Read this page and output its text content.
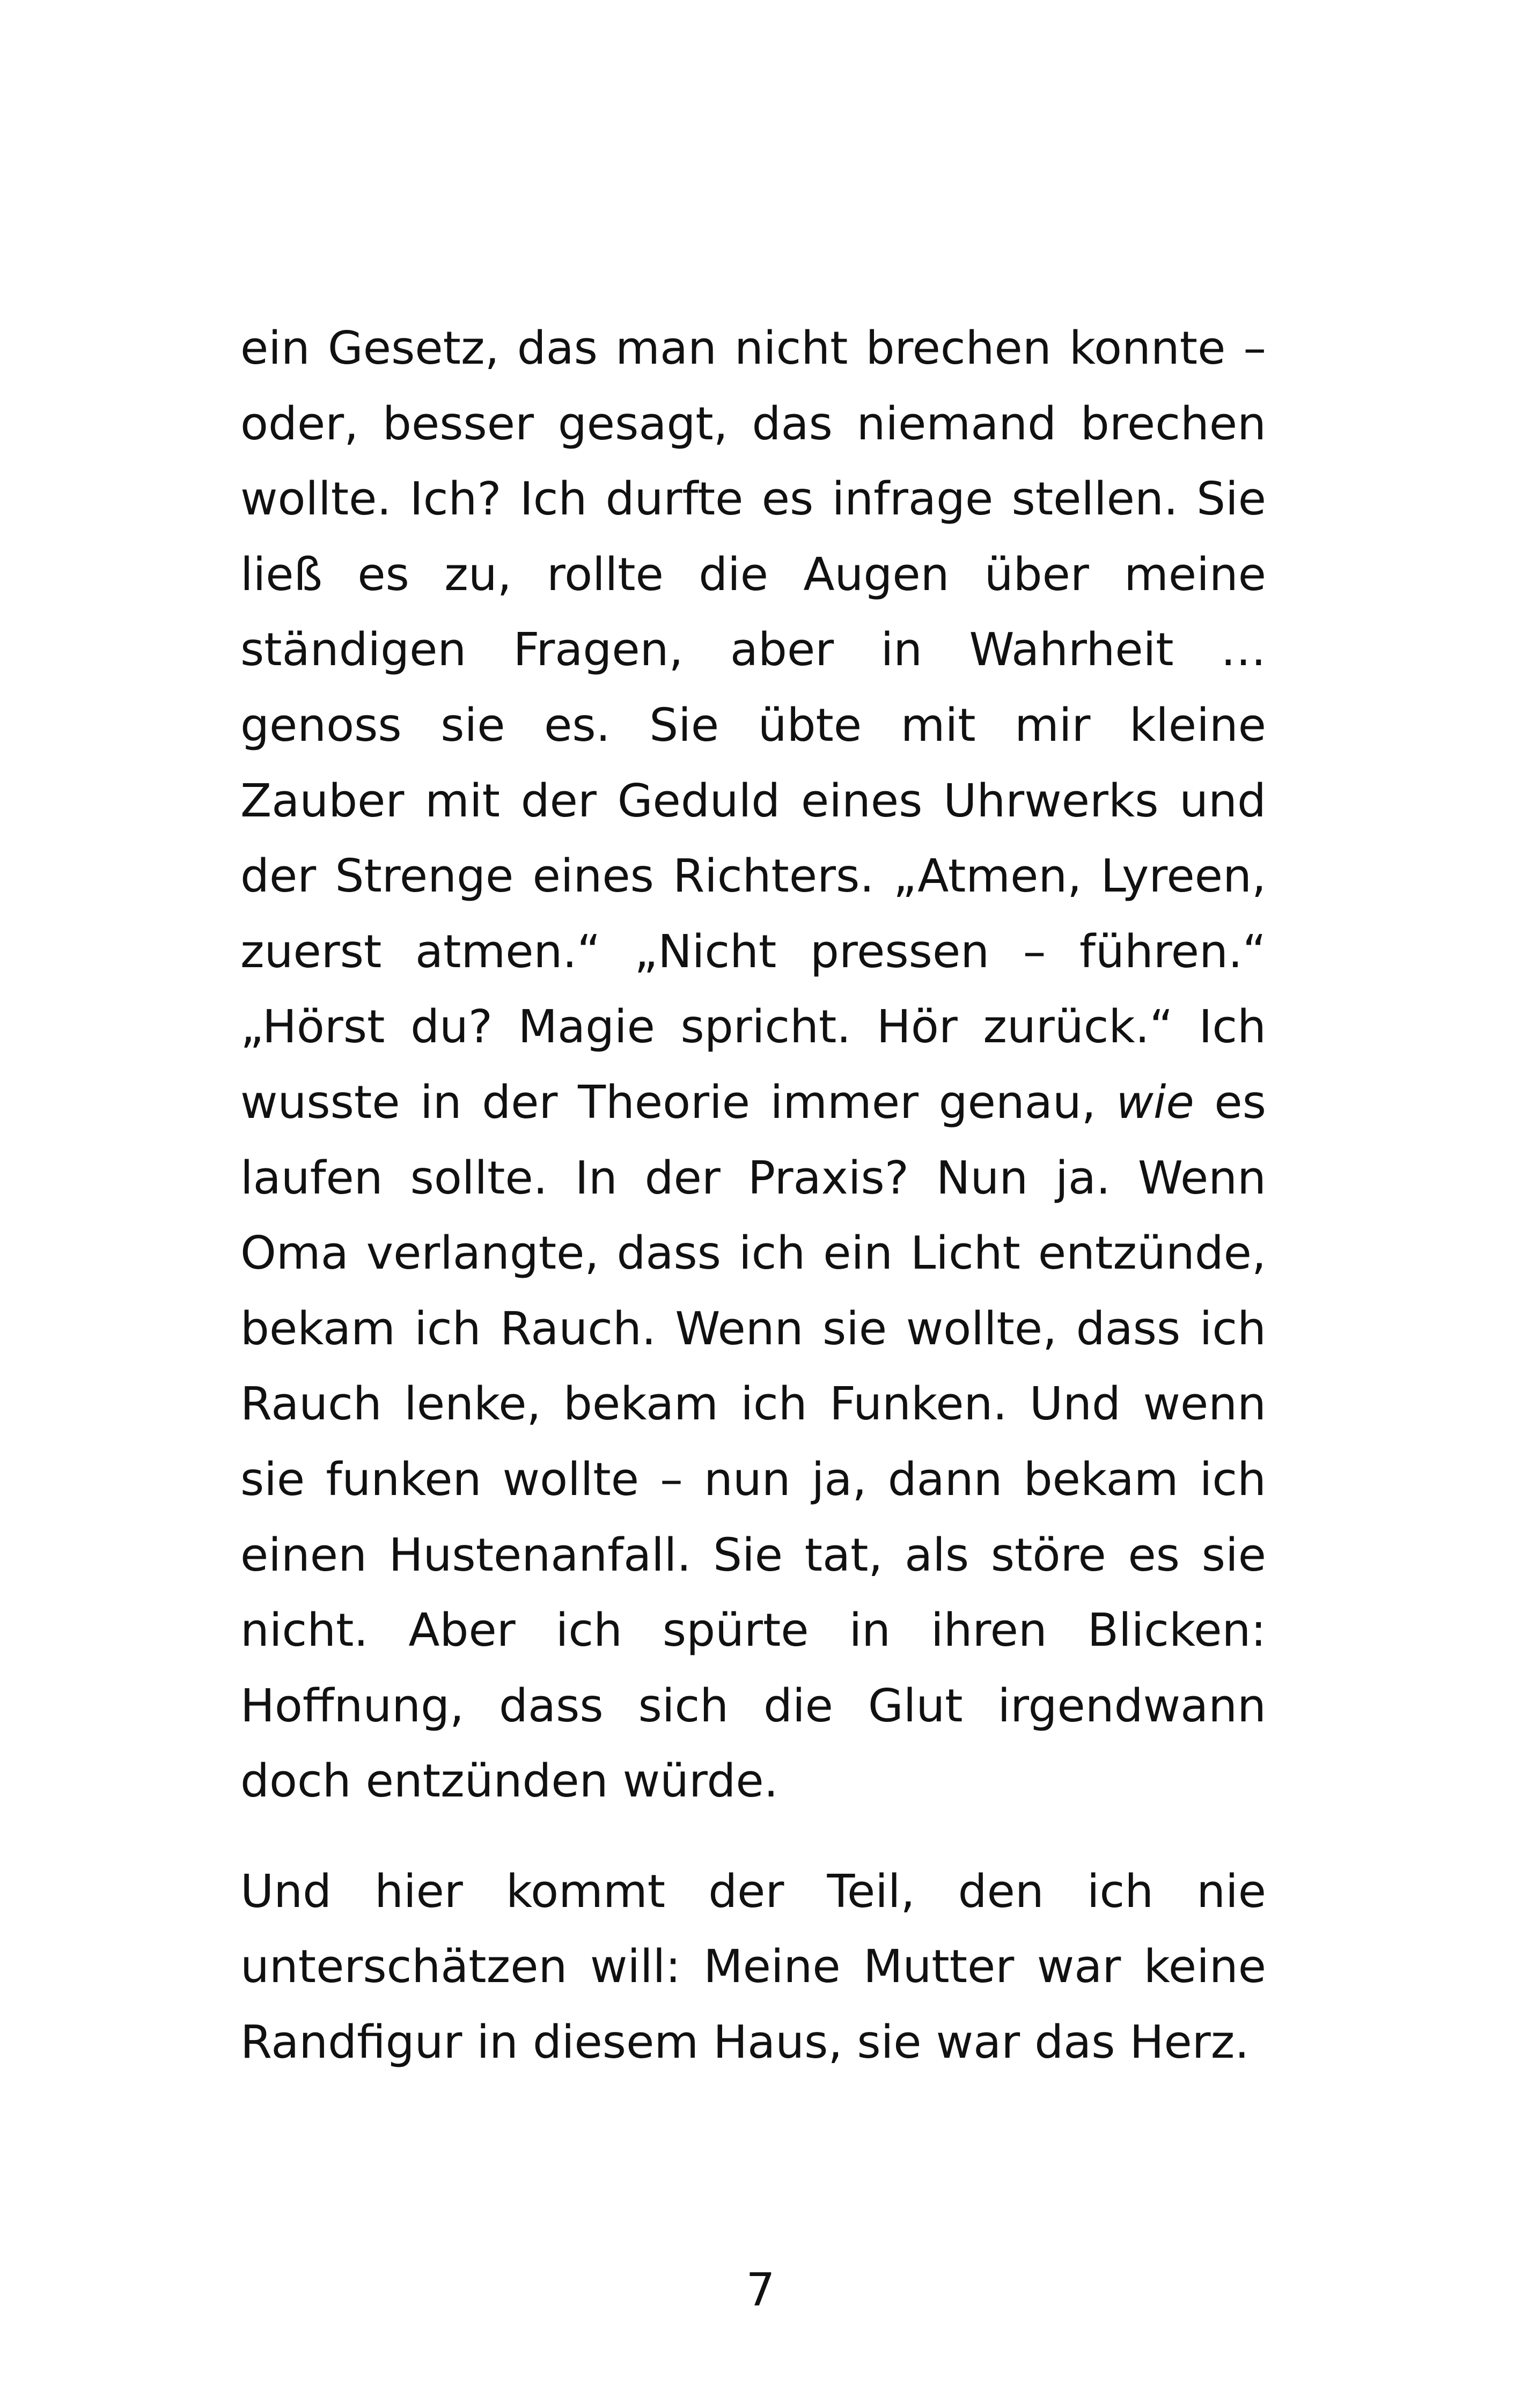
ein Gesetz, das man nicht brechen konnte – oder, besser gesagt, das niemand brechen wollte. Ich? Ich durfte es infrage stellen. Sie ließ es zu, rollte die Augen über meine ständigen Fragen, aber in Wahrheit … genoss sie es. Sie übte mit mir kleine Zauber mit der Geduld eines Uhrwerks und der Strenge eines Richters. „Atmen, Lyreen, zuerst atmen.“ „Nicht pressen – führen.“ „Hörst du? Magie spricht. Hör zurück.“ Ich wusste in der Theorie immer genau, wie es laufen sollte. In der Praxis? Nun ja. Wenn Oma verlangte, dass ich ein Licht entzünde, bekam ich Rauch. Wenn sie wollte, dass ich Rauch lenke, bekam ich Funken. Und wenn sie funken wollte – nun ja, dann bekam ich einen Hustenanfall. Sie tat, als störe es sie nicht. Aber ich spürte in ihren Blicken: Hoffnung, dass sich die Glut irgendwann doch entzünden würde.

Und hier kommt der Teil, den ich nie unterschätzen will: Meine Mutter war keine Randfigur in diesem Haus, sie war das Herz.

7
